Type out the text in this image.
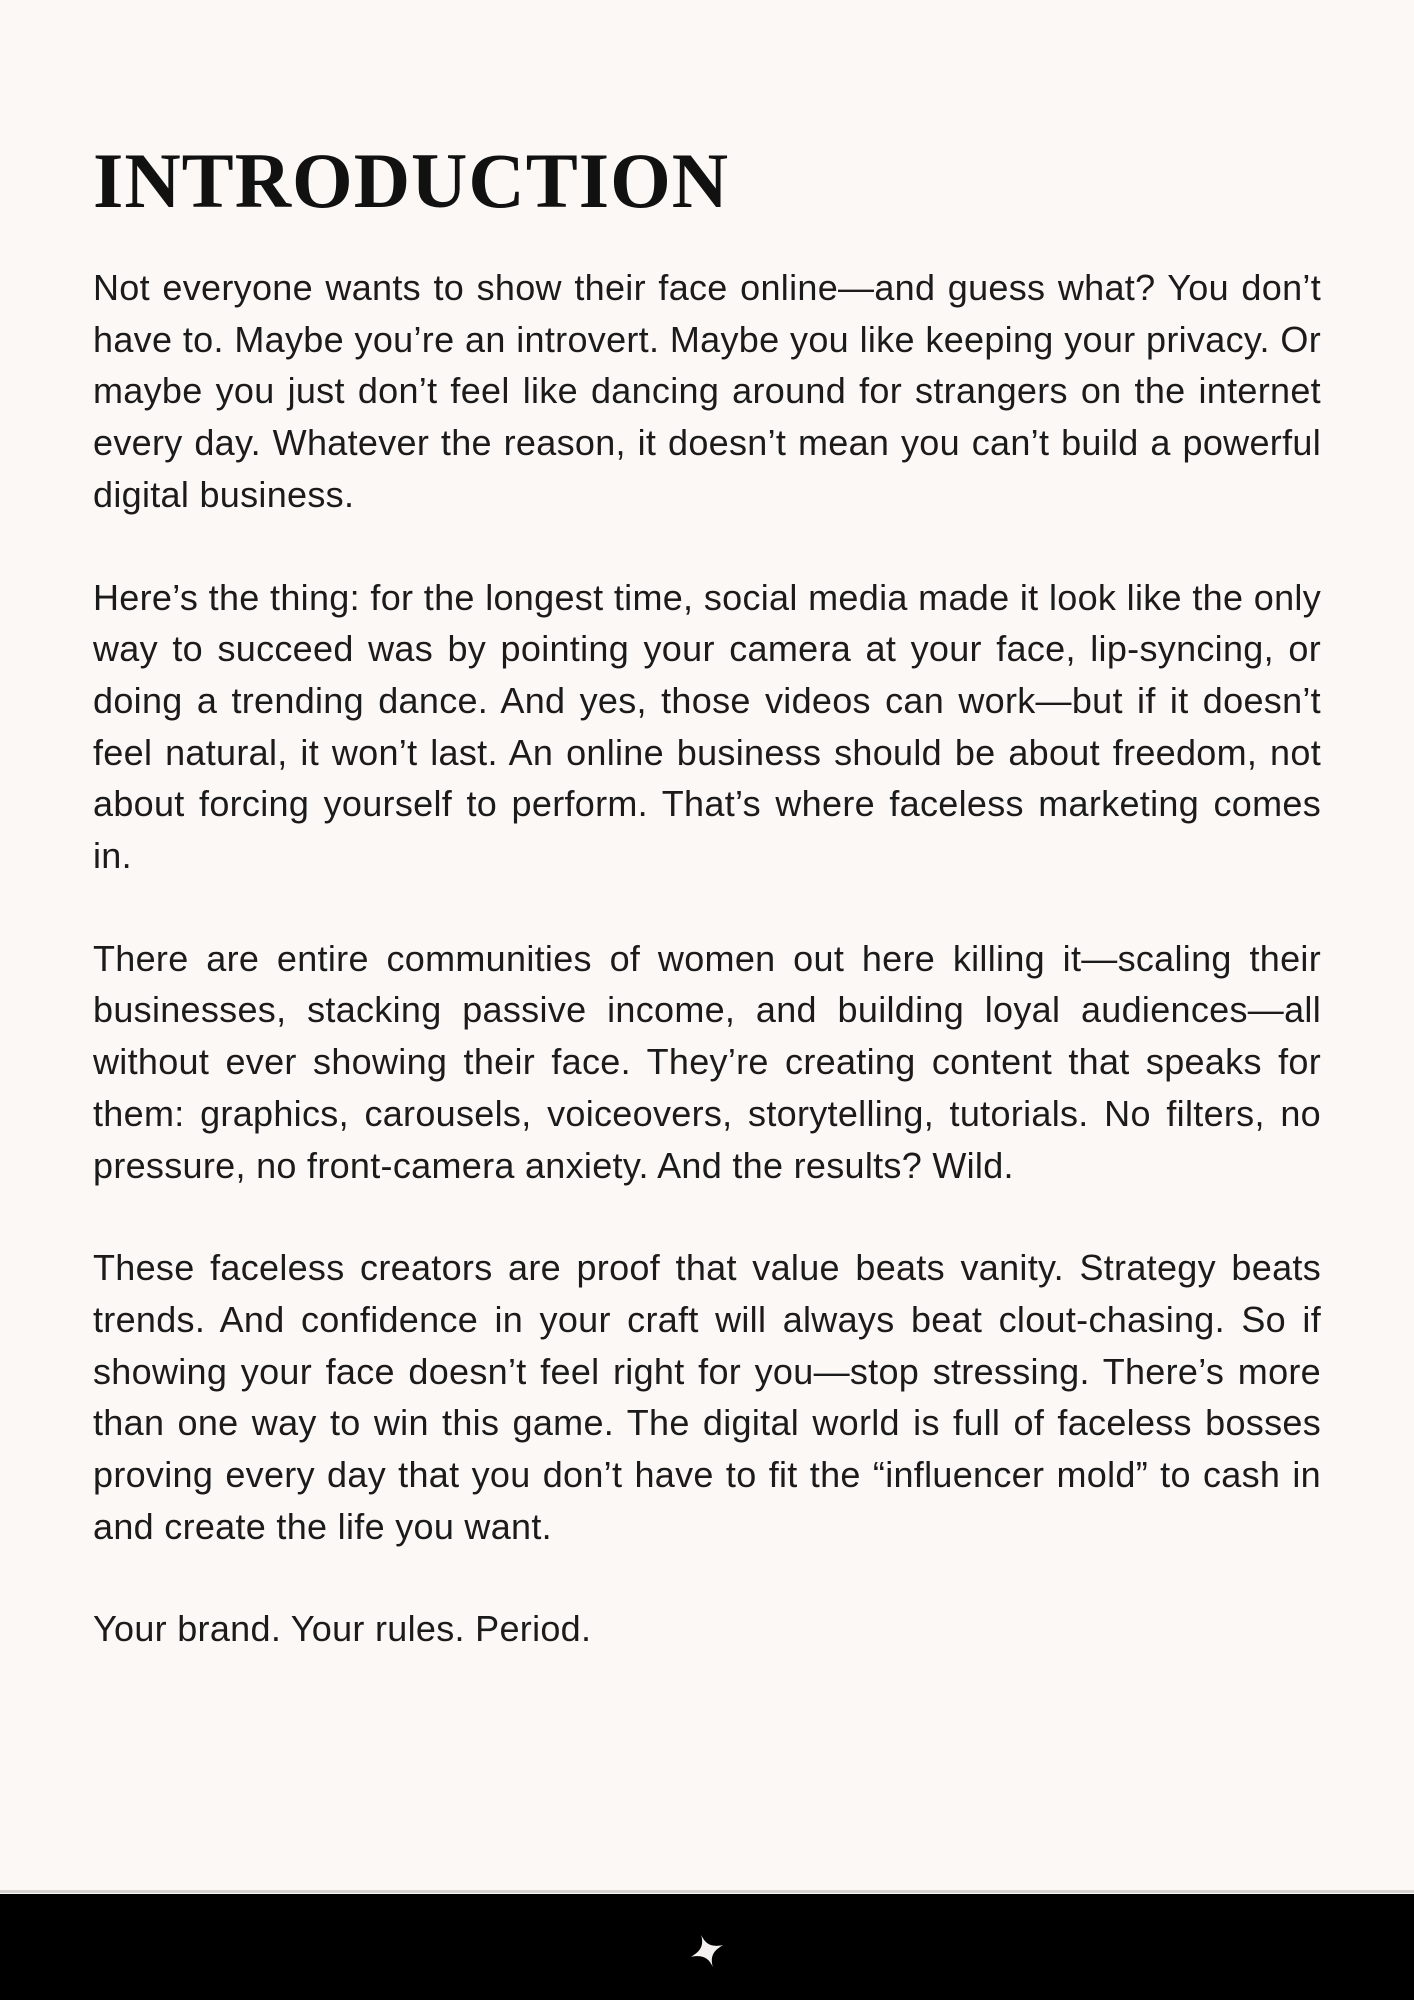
INTRODUCTION

Not everyone wants to show their face online—and guess what? You don’t have to. Maybe you’re an introvert. Maybe you like keeping your privacy. Or maybe you just don’t feel like dancing around for strangers on the internet every day. Whatever the reason, it doesn’t mean you can’t build a powerful digital business.

Here’s the thing: for the longest time, social media made it look like the only way to succeed was by pointing your camera at your face, lip-syncing, or doing a trending dance. And yes, those videos can work—but if it doesn’t feel natural, it won’t last. An online business should be about freedom, not about forcing yourself to perform. That’s where faceless marketing comes in.

There are entire communities of women out here killing it—scaling their businesses, stacking passive income, and building loyal audiences—all without ever showing their face. They’re creating content that speaks for them: graphics, carousels, voiceovers, storytelling, tutorials. No filters, no pressure, no front-camera anxiety. And the results? Wild.

These faceless creators are proof that value beats vanity. Strategy beats trends. And confidence in your craft will always beat clout-chasing. So if showing your face doesn’t feel right for you—stop stressing. There’s more than one way to win this game. The digital world is full of faceless bosses proving every day that you don’t have to fit the “influencer mold” to cash in and create the life you want.

Your brand. Your rules. Period.
